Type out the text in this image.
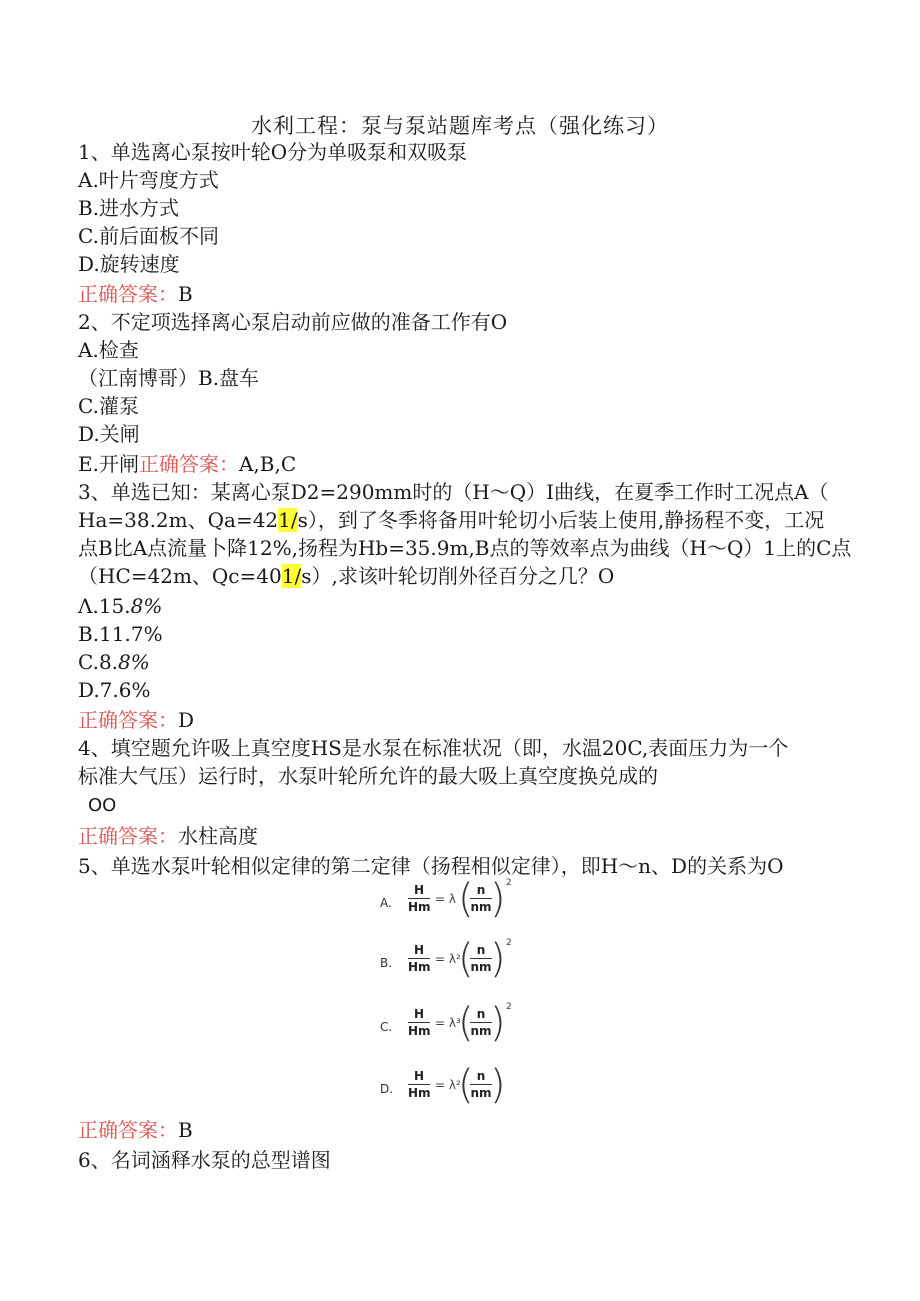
水利工程：泵与泵站题库考点（强化练习）
1、单选离心泵按叶轮O分为单吸泵和双吸泵
A.叶片弯度方式
B.进水方式
C.前后面板不同
D.旋转速度
正确答案：B
2、不定项选择离心泵启动前应做的准备工作有O
A.检查
（江南博哥）B.盘车
C.灌泵
D.关闸
E.开闸正确答案：A,B,C
3、单选已知：某离心泵D2=290mm时的（H～Q）I曲线，在夏季工作时工况点A（
Ha=38.2m、Qa=421/s），到了冬季将备用叶轮切小后装上使用,静扬程不变，工况
点B比A点流量卜降12%,扬程为Hb=35.9m,B点的等效率点为曲线（H～Q）1上的C点
（HC=42m、Qc=401/s）,求该叶轮切削外径百分之几？O
Λ.15.8%
B.11.7%
C.8.8%
D.7.6%
正确答案：D
4、填空题允许吸上真空度HS是水泵在标准状况（即，水温20C,表面压力为一个
标准大气压）运行时，水泵叶轮所允许的最大吸上真空度换兑成的
OO
正确答案：水柱高度
5、单选水泵叶轮相似定律的第二定律（扬程相似定律），即H～n、D的关系为O
A. $\frac{H}{Hm} = \lambda$ (
$\frac{n}{nm}$
) 2
B. $\frac{H}{Hm} = \lambda^2$
(
$\frac{n}{nm}$
) 2
C. $\frac{H}{Hm} = \lambda^3$
(
$\frac{n}{nm}$
) 2
D. $\frac{H}{Hm} = \lambda^2$
(
$\frac{n}{nm}$
)
正确答案：B
6、名词涵释水泵的总型谱图
